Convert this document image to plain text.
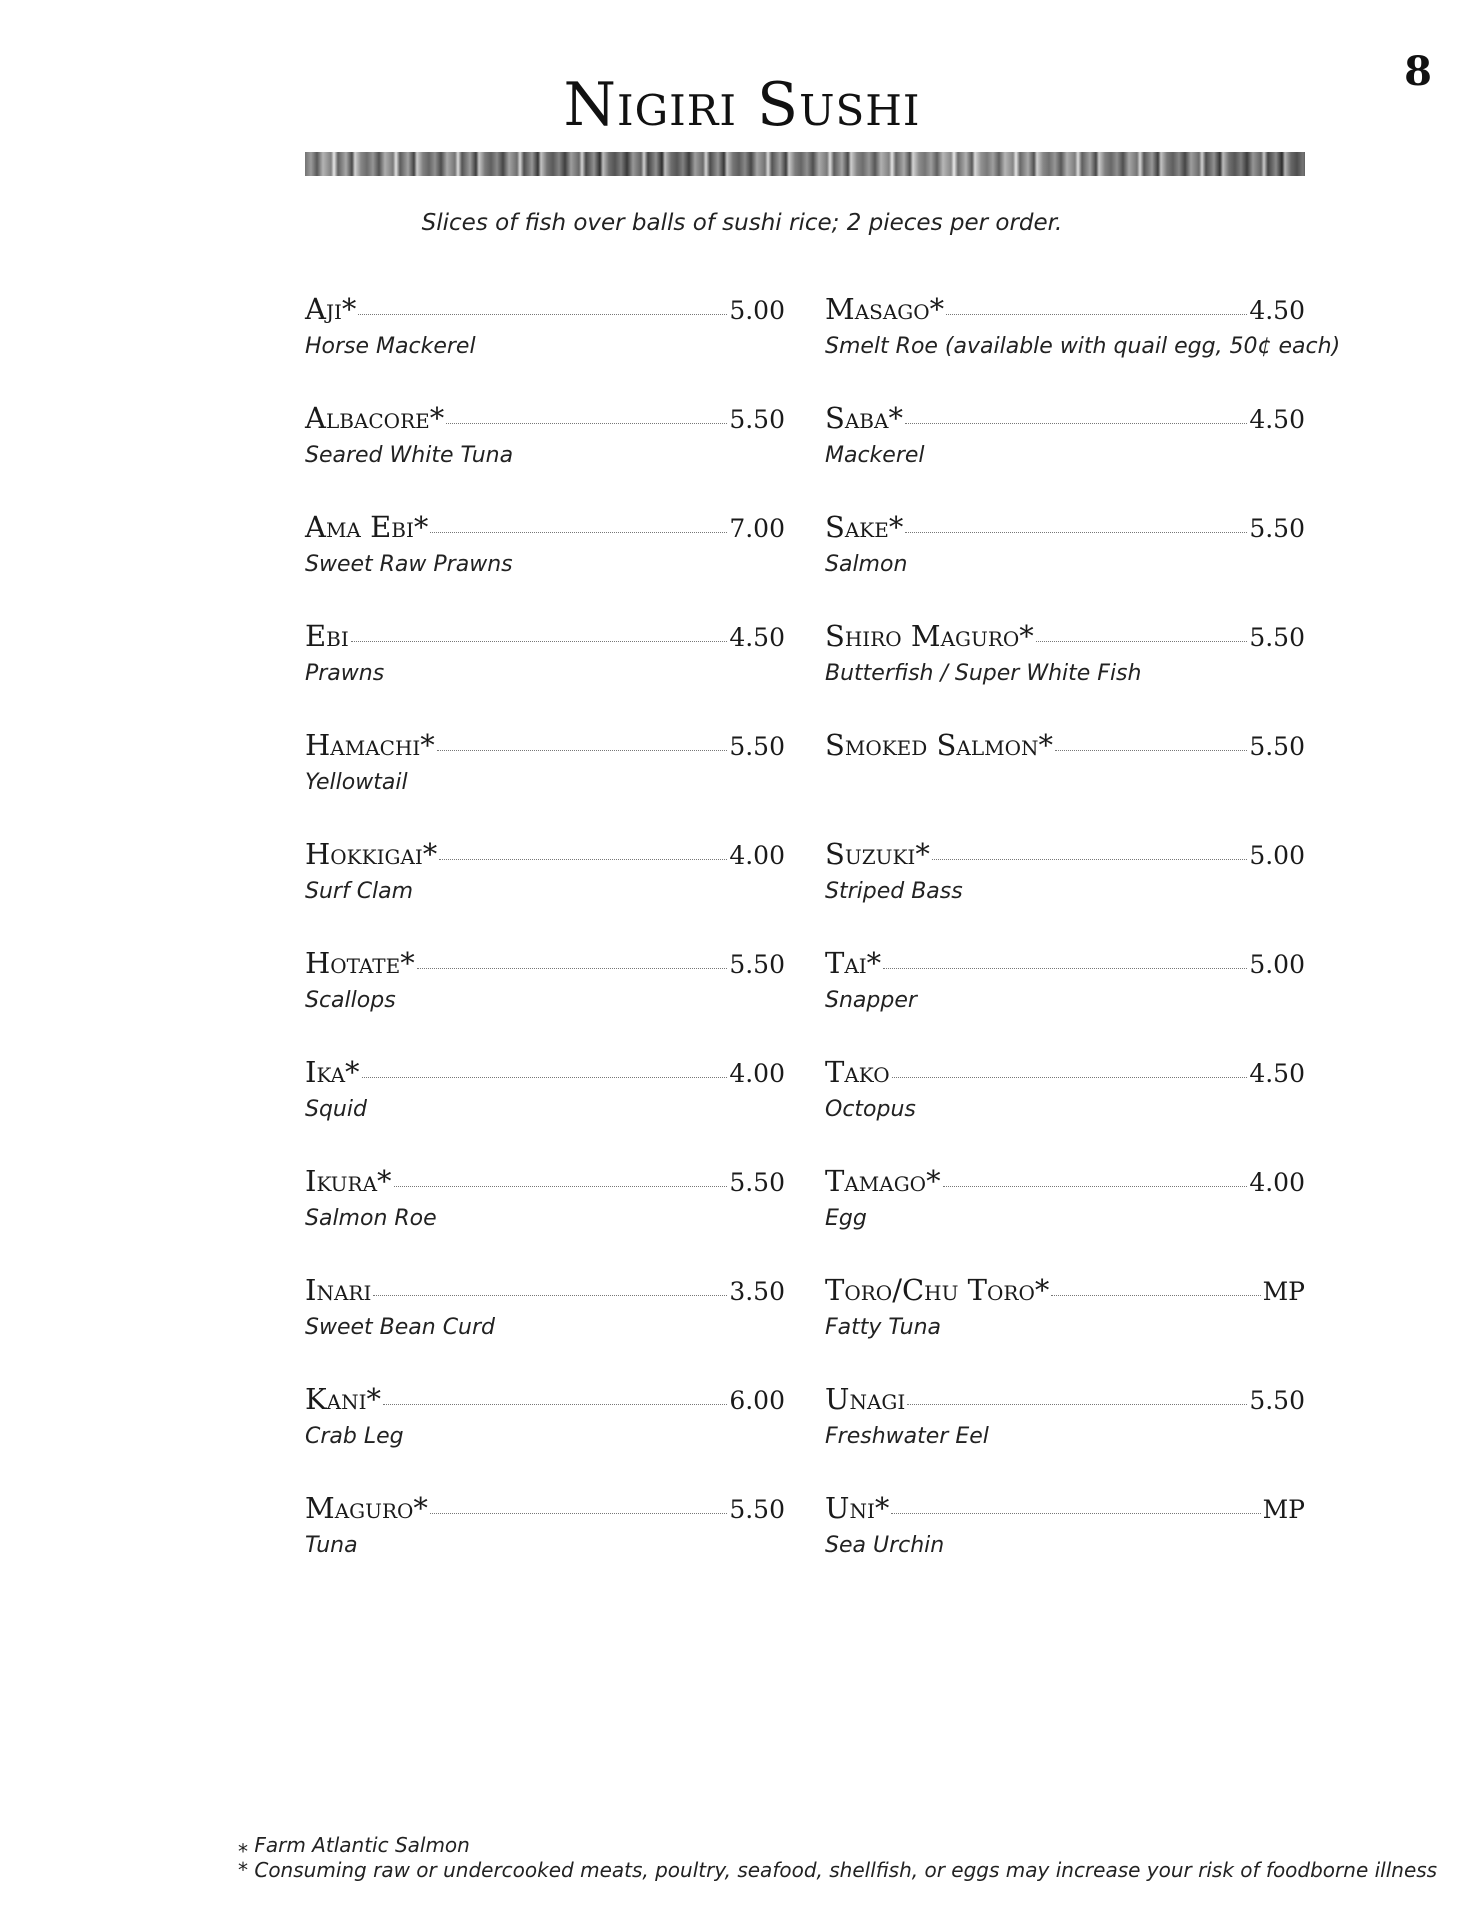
8
Nigiri Sushi
Slices of fish over balls of sushi rice; 2 pieces per order.
Aji*	5.00
Horse Mackerel
Albacore*	5.50
Seared White Tuna
Ama Ebi*	7.00
Sweet Raw Prawns
Ebi	4.50
Prawns
Hamachi*	5.50
Yellowtail
Hokkigai*	4.00
Surf Clam
Hotate*	5.50
Scallops
Ika*	4.00
Squid
Ikura*	5.50
Salmon Roe
Inari	3.50
Sweet Bean Curd
Kani*	6.00
Crab Leg
Maguro*	5.50
Tuna
Masago*	4.50
Smelt Roe (available with quail egg, 50¢ each)
Saba*	4.50
Mackerel
Sake*	5.50
Salmon
Shiro Maguro*	5.50
Butterfish / Super White Fish
Smoked Salmon*	5.50
Suzuki*	5.00
Striped Bass
Tai*	5.00
Snapper
Tako	4.50
Octopus
Tamago*	4.00
Egg
Toro/Chu Toro*	MP
Fatty Tuna
Unagi	5.50
Freshwater Eel
Uni*	MP
Sea Urchin
⁎ Farm Atlantic Salmon
* Consuming raw or undercooked meats, poultry, seafood, shellfish, or eggs may increase your risk of foodborne illness
